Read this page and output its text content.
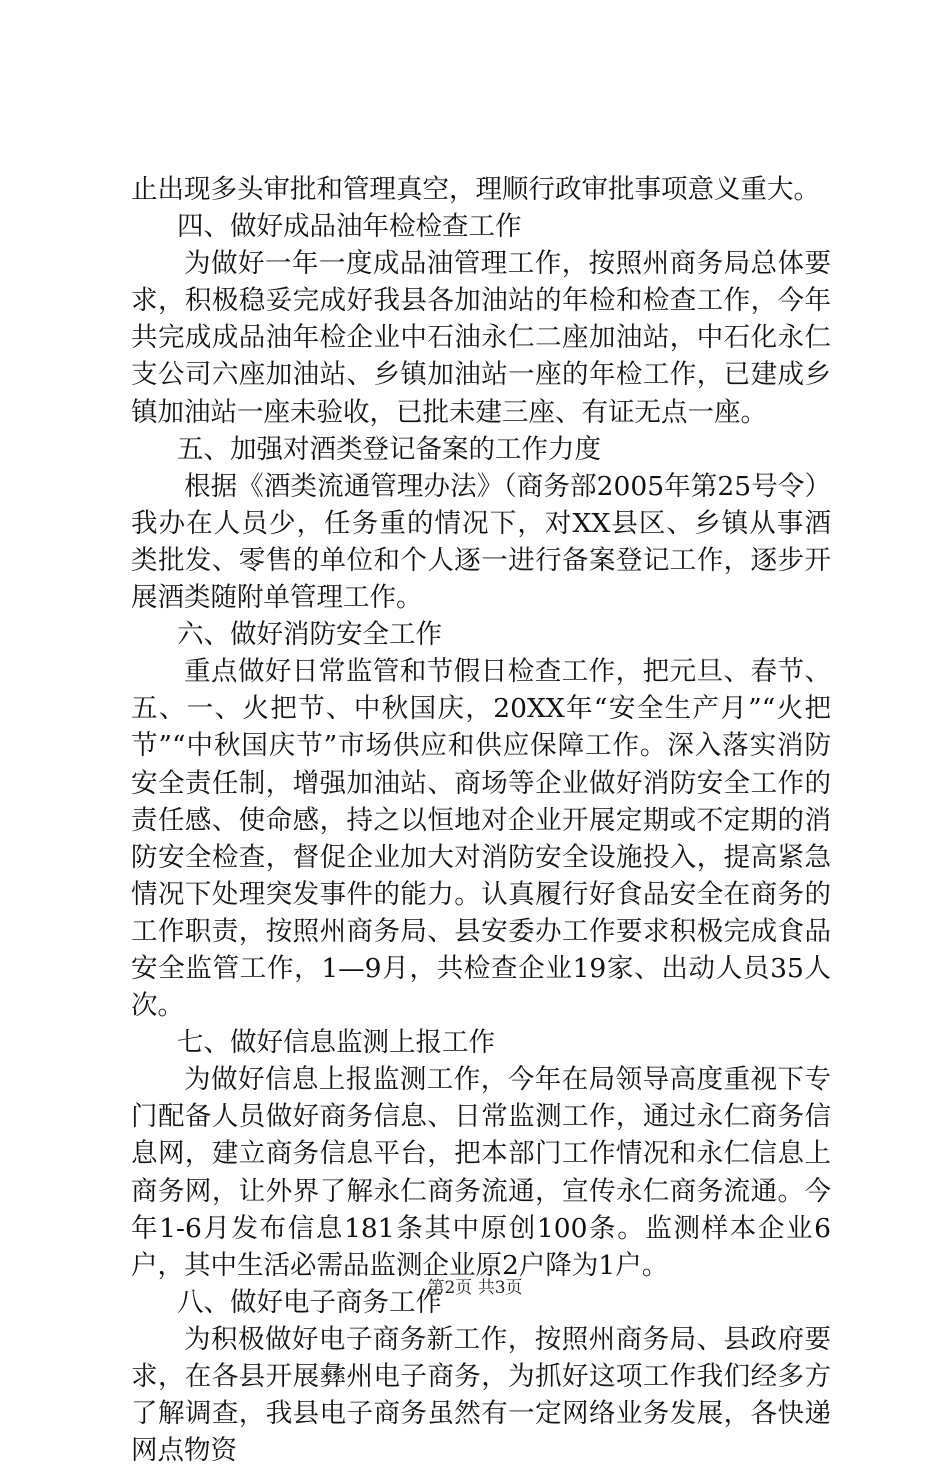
止出现多头审批和管理真空，理顺行政审批事项意义重大。

四、做好成品油年检检查工作

为做好一年一度成品油管理工作，按照州商务局总体要求，积极稳妥完成好我县各加油站的年检和检查工作，今年共完成成品油年检企业中石油永仁二座加油站，中石化永仁支公司六座加油站、乡镇加油站一座的年检工作，已建成乡镇加油站一座未验收，已批未建三座、有证无点一座。

五、加强对酒类登记备案的工作力度

根据《酒类流通管理办法》（商务部2005年第25号令）我办在人员少，任务重的情况下，对XX县区、乡镇从事酒类批发、零售的单位和个人逐一进行备案登记工作，逐步开展酒类随附单管理工作。

六、做好消防安全工作

重点做好日常监管和节假日检查工作，把元旦、春节、五、一、火把节、中秋国庆，20XX年“安全生产月”“火把节”“中秋国庆节”市场供应和供应保障工作。深入落实消防安全责任制，增强加油站、商场等企业做好消防安全工作的责任感、使命感，持之以恒地对企业开展定期或不定期的消防安全检查，督促企业加大对消防安全设施投入，提高紧急情况下处理突发事件的能力。认真履行好食品安全在商务的工作职责，按照州商务局、县安委办工作要求积极完成食品安全监管工作，1—9月，共检查企业19家、出动人员35人次。

七、做好信息监测上报工作

为做好信息上报监测工作，今年在局领导高度重视下专门配备人员做好商务信息、日常监测工作，通过永仁商务信息网，建立商务信息平台，把本部门工作情况和永仁信息上商务网，让外界了解永仁商务流通，宣传永仁商务流通。今年1-6月发布信息181条其中原创100条。监测样本企业6户，其中生活必需品监测企业原2户降为1户。

八、做好电子商务工作

为积极做好电子商务新工作，按照州商务局、县政府要求，在各县开展彝州电子商务，为抓好这项工作我们经多方了解调查，我县电子商务虽然有一定网络业务发展，各快递网点物资

第2页 共3页
